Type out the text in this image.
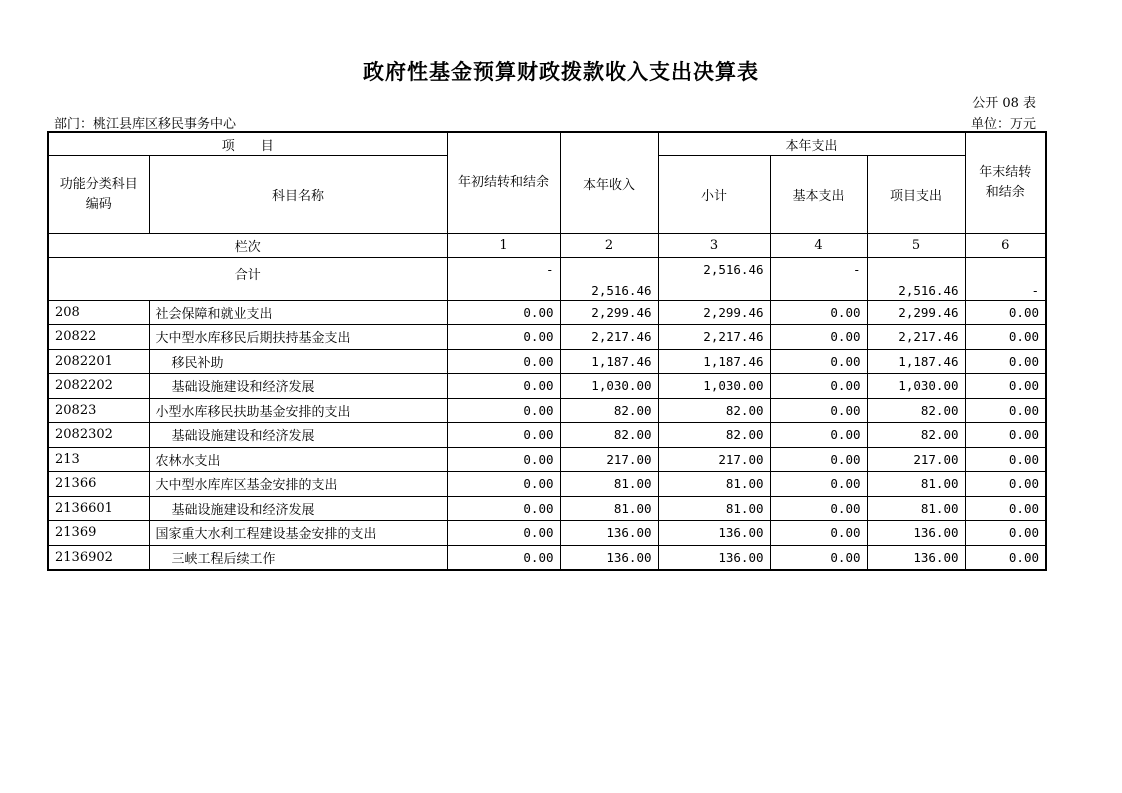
政府性基金预算财政拨款收入支出决算表
公开 08 表
部门：桃江县库区移民事务中心	单位：万元
项　　目		年初结转和结余	本年收入	本年支出			年末结转和结余
功能分类科目编码	科目名称			小计	基本支出	项目支出	
栏次		1	2	3	4	5	6
合计		-	2,516.46	2,516.46	-	2,516.46	-
208	社会保障和就业支出	0.00	2,299.46	2,299.46	0.00	2,299.46	0.00
20822	大中型水库移民后期扶持基金支出	0.00	2,217.46	2,217.46	0.00	2,217.46	0.00
2082201	移民补助	0.00	1,187.46	1,187.46	0.00	1,187.46	0.00
2082202	基础设施建设和经济发展	0.00	1,030.00	1,030.00	0.00	1,030.00	0.00
20823	小型水库移民扶助基金安排的支出	0.00	82.00	82.00	0.00	82.00	0.00
2082302	基础设施建设和经济发展	0.00	82.00	82.00	0.00	82.00	0.00
213	农林水支出	0.00	217.00	217.00	0.00	217.00	0.00
21366	大中型水库库区基金安排的支出	0.00	81.00	81.00	0.00	81.00	0.00
2136601	基础设施建设和经济发展	0.00	81.00	81.00	0.00	81.00	0.00
21369	国家重大水利工程建设基金安排的支出	0.00	136.00	136.00	0.00	136.00	0.00
2136902	三峡工程后续工作	0.00	136.00	136.00	0.00	136.00	0.00
